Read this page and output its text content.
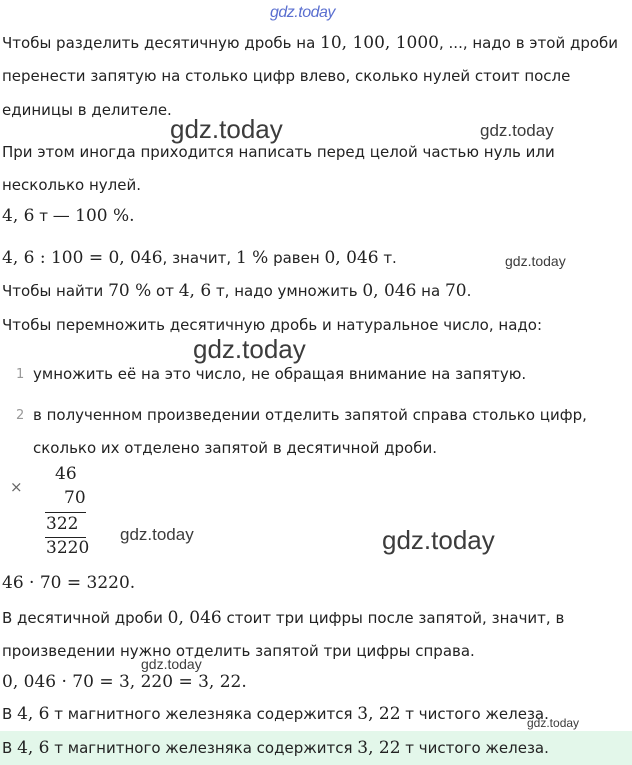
gdz.today
gdz.today	gdz.today
gdz.today
gdz.today
gdz.today	gdz.today
gdz.today
gdz.today
Чтобы разделить десятичную дробь на 10, 100, 1000, ..., надо в этой дроби
перенести запятую на столько цифр влево, сколько нулей стоит после
единицы в делителе.
При этом иногда приходится написать перед целой частью нуль или
несколько нулей.
4, 6 т — 100 %.
4, 6 : 100 = 0, 046, значит, 1 % равен 0, 046 т.
Чтобы найти 70 % от 4, 6 т, надо умножить 0, 046 на 70.
Чтобы перемножить десятичную дробь и натуральное число, надо:
1 умножить её на это число, не обращая внимание на запятую.
2 в полученном произведении отделить запятой справа столько цифр,
сколько их отделено запятой в десятичной дроби.
×
46
70
322
3220
46 · 70 = 3220.
В десятичной дроби 0, 046 стоит три цифры после запятой, значит, в
произведении нужно отделить запятой три цифры справа.
0, 046 · 70 = 3, 220 = 3, 22.
В 4, 6 т магнитного железняка содержится 3, 22 т чистого железа.
В 4, 6 т магнитного железняка содержится 3, 22 т чистого железа.
